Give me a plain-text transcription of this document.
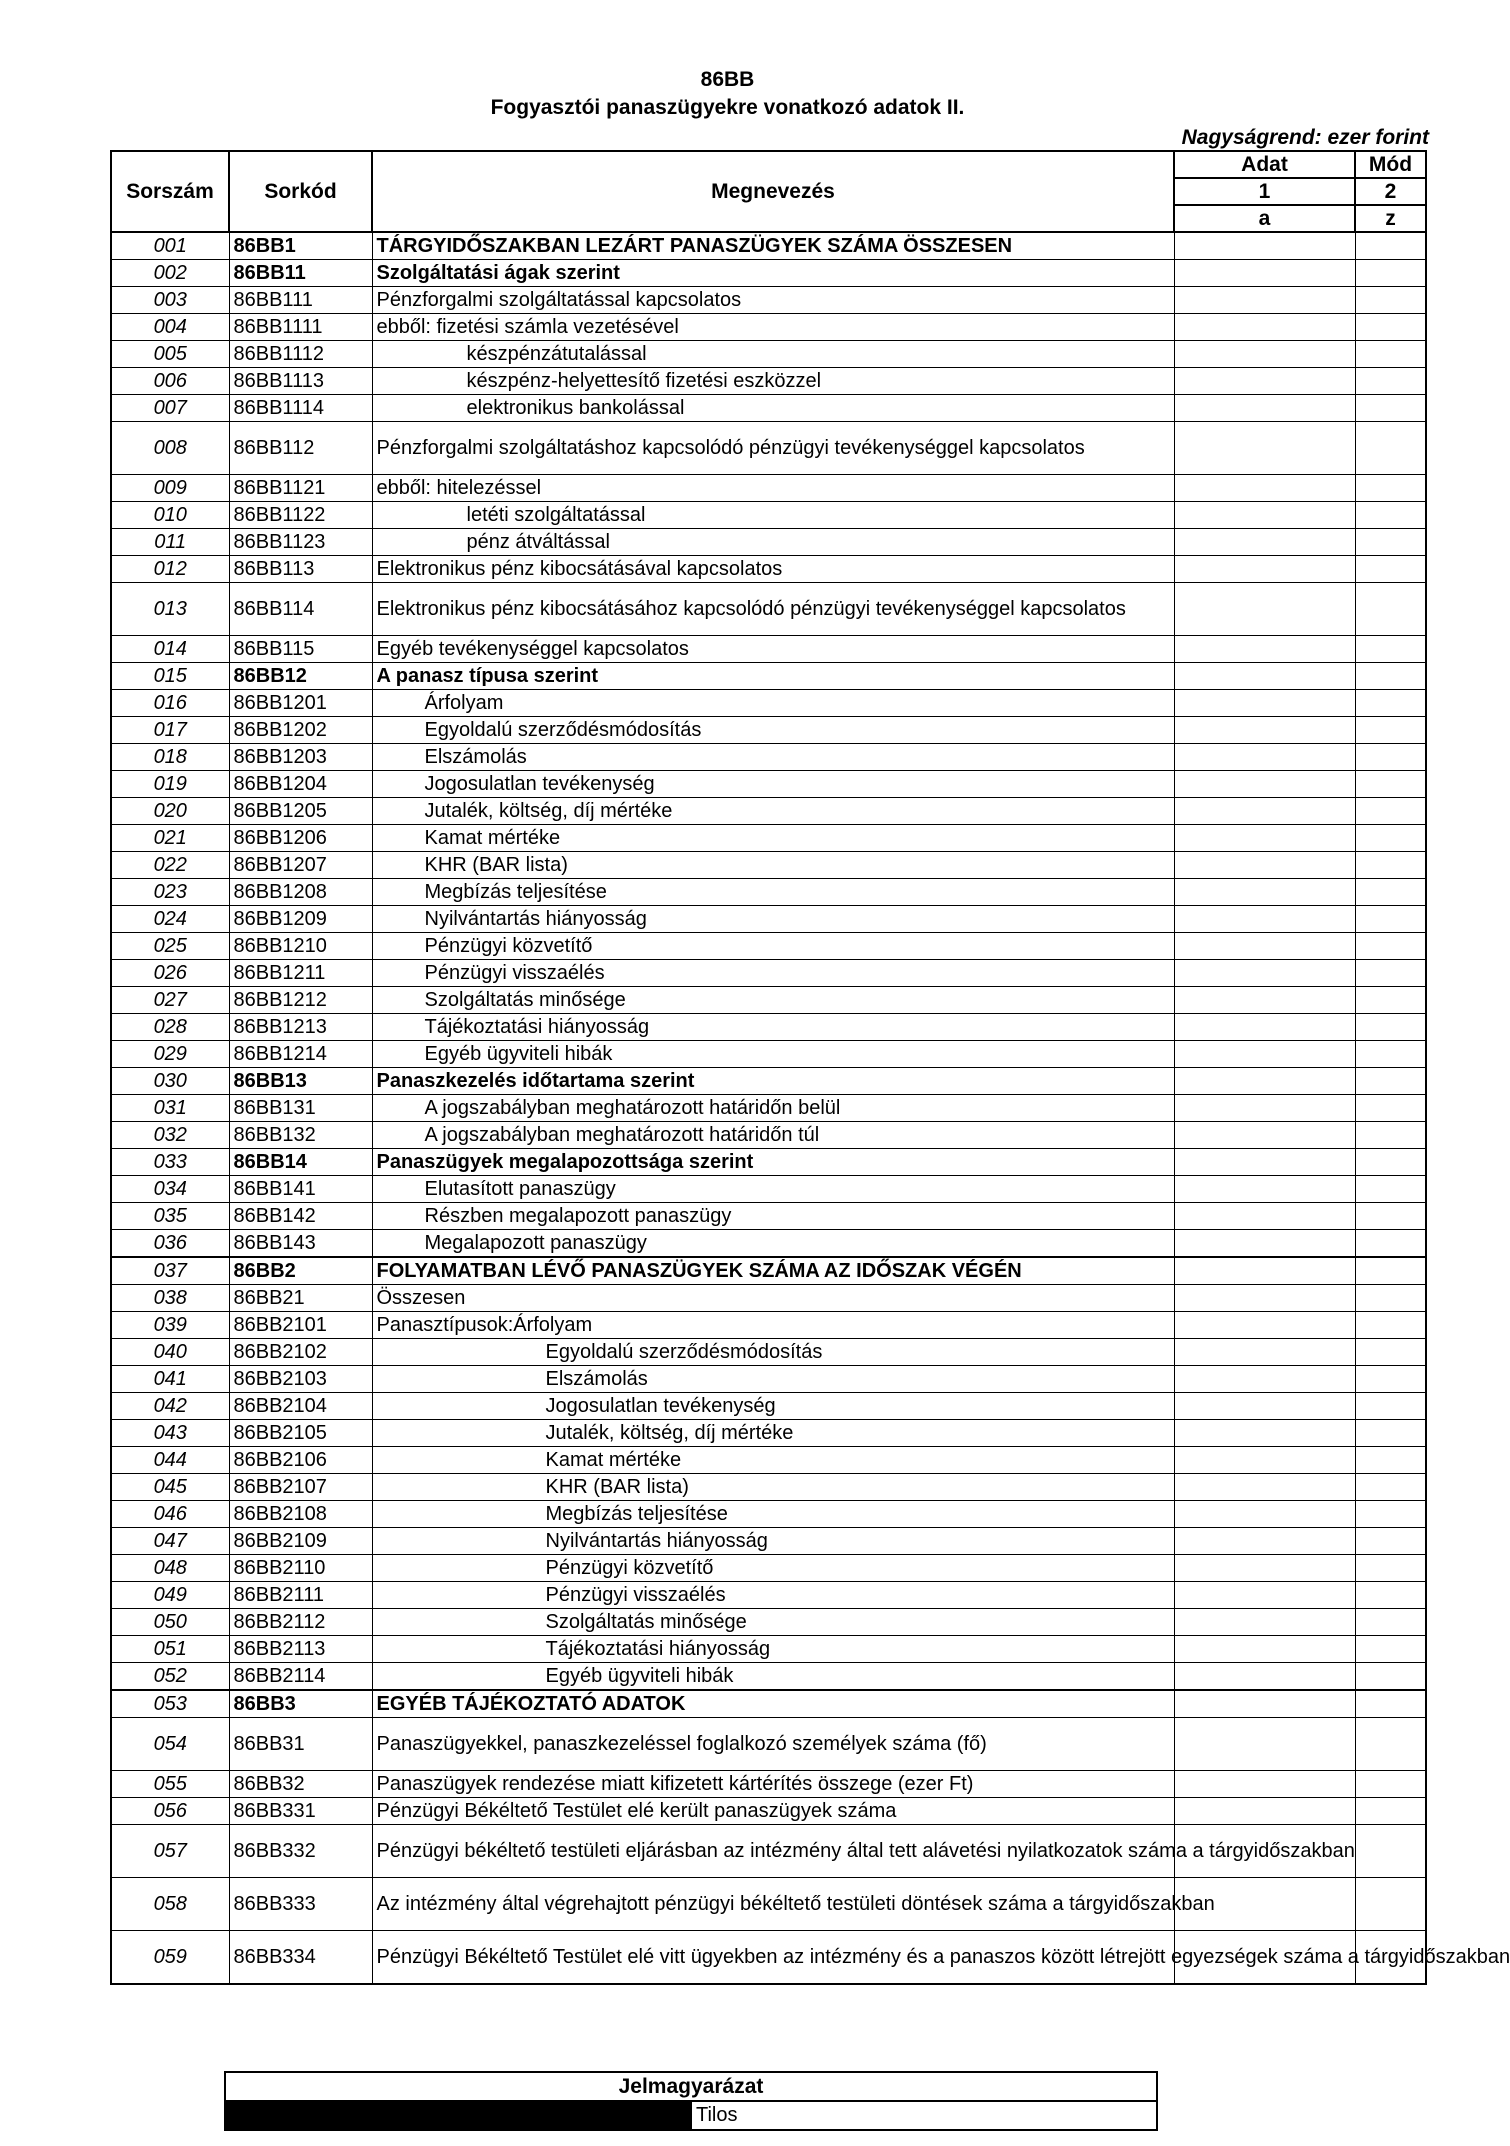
86BB
Fogyasztói panaszügyekre vonatkozó adatok II.
Nagyságrend: ezer forint
Sorszám	Sorkód	Megnevezés	Adat	Mód
			1	2
			a	z
001	86BB1	TÁRGYIDŐSZAKBAN LEZÁRT PANASZÜGYEK SZÁMA ÖSSZESEN		
002	86BB11	Szolgáltatási ágak szerint		
003	86BB111	Pénzforgalmi szolgáltatással kapcsolatos		
004	86BB1111	ebből: fizetési számla vezetésével		
005	86BB1112	készpénzátutalással		
006	86BB1113	készpénz-helyettesítő fizetési eszközzel		
007	86BB1114	elektronikus bankolással		
008	86BB112	Pénzforgalmi szolgáltatáshoz kapcsolódó pénzügyi tevékenységgel kapcsolatos		
009	86BB1121	ebből: hitelezéssel		
010	86BB1122	letéti szolgáltatással		
011	86BB1123	pénz átváltással		
012	86BB113	Elektronikus pénz kibocsátásával kapcsolatos		
013	86BB114	Elektronikus pénz kibocsátásához kapcsolódó pénzügyi tevékenységgel kapcsolatos		
014	86BB115	Egyéb tevékenységgel kapcsolatos		
015	86BB12	A panasz típusa szerint		
016	86BB1201	Árfolyam		
017	86BB1202	Egyoldalú szerződésmódosítás		
018	86BB1203	Elszámolás		
019	86BB1204	Jogosulatlan tevékenység		
020	86BB1205	Jutalék, költség, díj mértéke		
021	86BB1206	Kamat mértéke		
022	86BB1207	KHR (BAR lista)		
023	86BB1208	Megbízás teljesítése		
024	86BB1209	Nyilvántartás hiányosság		
025	86BB1210	Pénzügyi közvetítő		
026	86BB1211	Pénzügyi visszaélés		
027	86BB1212	Szolgáltatás minősége		
028	86BB1213	Tájékoztatási hiányosság		
029	86BB1214	Egyéb ügyviteli hibák		
030	86BB13	Panaszkezelés időtartama szerint		
031	86BB131	A jogszabályban meghatározott határidőn belül		
032	86BB132	A jogszabályban meghatározott határidőn túl		
033	86BB14	Panaszügyek megalapozottsága szerint		
034	86BB141	Elutasított panaszügy		
035	86BB142	Részben megalapozott panaszügy		
036	86BB143	Megalapozott panaszügy		
037	86BB2	FOLYAMATBAN LÉVŐ PANASZÜGYEK SZÁMA AZ IDŐSZAK VÉGÉN		
038	86BB21	Összesen		
039	86BB2101	Panasztípusok:Árfolyam		
040	86BB2102	Egyoldalú szerződésmódosítás		
041	86BB2103	Elszámolás		
042	86BB2104	Jogosulatlan tevékenység		
043	86BB2105	Jutalék, költség, díj mértéke		
044	86BB2106	Kamat mértéke		
045	86BB2107	KHR (BAR lista)		
046	86BB2108	Megbízás teljesítése		
047	86BB2109	Nyilvántartás hiányosság		
048	86BB2110	Pénzügyi közvetítő		
049	86BB2111	Pénzügyi visszaélés		
050	86BB2112	Szolgáltatás minősége		
051	86BB2113	Tájékoztatási hiányosság		
052	86BB2114	Egyéb ügyviteli hibák		
053	86BB3	EGYÉB TÁJÉKOZTATÓ ADATOK		
054	86BB31	Panaszügyekkel, panaszkezeléssel foglalkozó személyek száma (fő)		
055	86BB32	Panaszügyek rendezése miatt kifizetett kártérítés összege (ezer Ft)		
056	86BB331	Pénzügyi Békéltető Testület elé került panaszügyek száma		
057	86BB332	Pénzügyi békéltető testületi eljárásban az intézmény által tett alávetési nyilatkozatok száma a tárgyidőszakban		
058	86BB333	Az intézmény által végrehajtott pénzügyi békéltető testületi döntések száma a tárgyidőszakban		
059	86BB334	Pénzügyi Békéltető Testület elé vitt ügyekben az intézmény és a panaszos között létrejött egyezségek száma a tárgyidőszakban		
Jelmagyarázat
	Tilos
